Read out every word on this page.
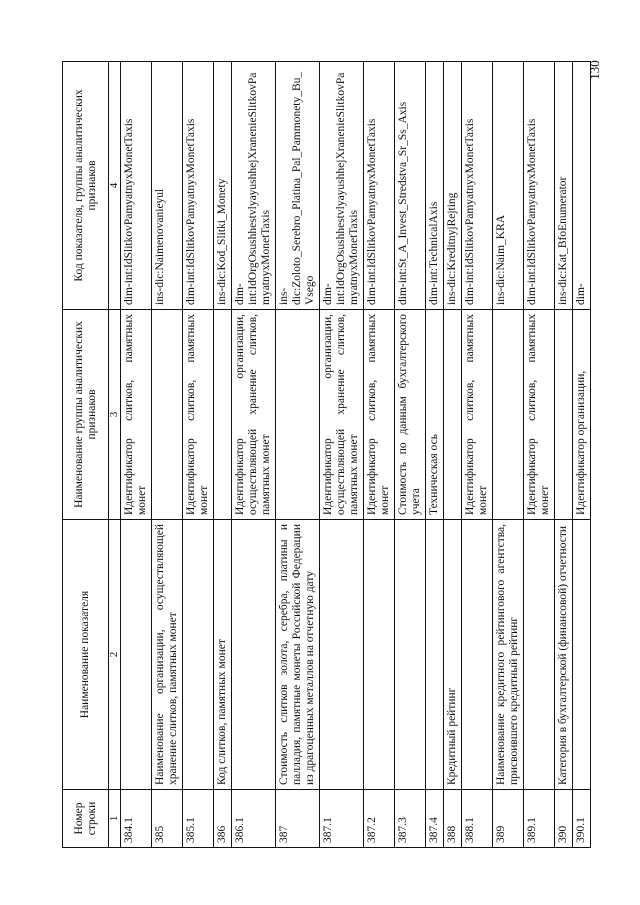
130
Номер строки	Наименование показателя	Наименование группы аналитических признаков	Код показателя, группы аналитических признаков
1	2	3	4
384.1		Идентификатор слитков, памятных монет	dim-int:IdSlitkovPamyatnyxMonetTaxis
385	Наименование организации, осуществляющей хранение слитков, памятных монет		ins-dic:Naimenovanieyul
385.1		Идентификатор слитков, памятных монет	dim-int:IdSlitkovPamyatnyxMonetTaxis
386	Код слитков, памятных монет		ins-dic:Kod_Slitki_Monety
386.1		Идентификатор организации, осуществляющей хранение слитков, памятных монет	dim-int:IdOrgOsushhestvlyayushhejXranenieSlitkovPamyatnyxMonetTaxis
387	Стоимость слитков золота, серебра, платины и палладия, памятные монеты Российской Федерации из драгоценных металлов на отчетную дату		ins-dic:Zoloto_Serebro_Platina_Pal_Pammonety_Bu_Vsego
387.1		Идентификатор организации, осуществляющей хранение слитков, памятных монет	dim-int:IdOrgOsushhestvlyayushhejXranenieSlitkovPamyatnyxMonetTaxis
387.2		Идентификатор слитков, памятных монет	dim-int:IdSlitkovPamyatnyxMonetTaxis
387.3		Стоимость по данным бухгалтерского учета	dim-int:St_A_Invest_Stredstva_Sr_Ss_Axis
387.4		Техническая ось	dim-int:TechnicalAxis
388	Кредитный рейтинг		ins-dic:KreditnyjRejting
388.1		Идентификатор слитков, памятных монет	dim-int:IdSlitkovPamyatnyxMonetTaxis
389	Наименование кредитного рейтингового агентства, присвоившего кредитный рейтинг		ins-dic:Naim_KRA
389.1		Идентификатор слитков, памятных монет	dim-int:IdSlitkovPamyatnyxMonetTaxis
390	Категория в бухгалтерской (финансовой) отчетности		ins-dic:Kat_BfoEnumerator
390.1		Идентификатор организации,	dim-
